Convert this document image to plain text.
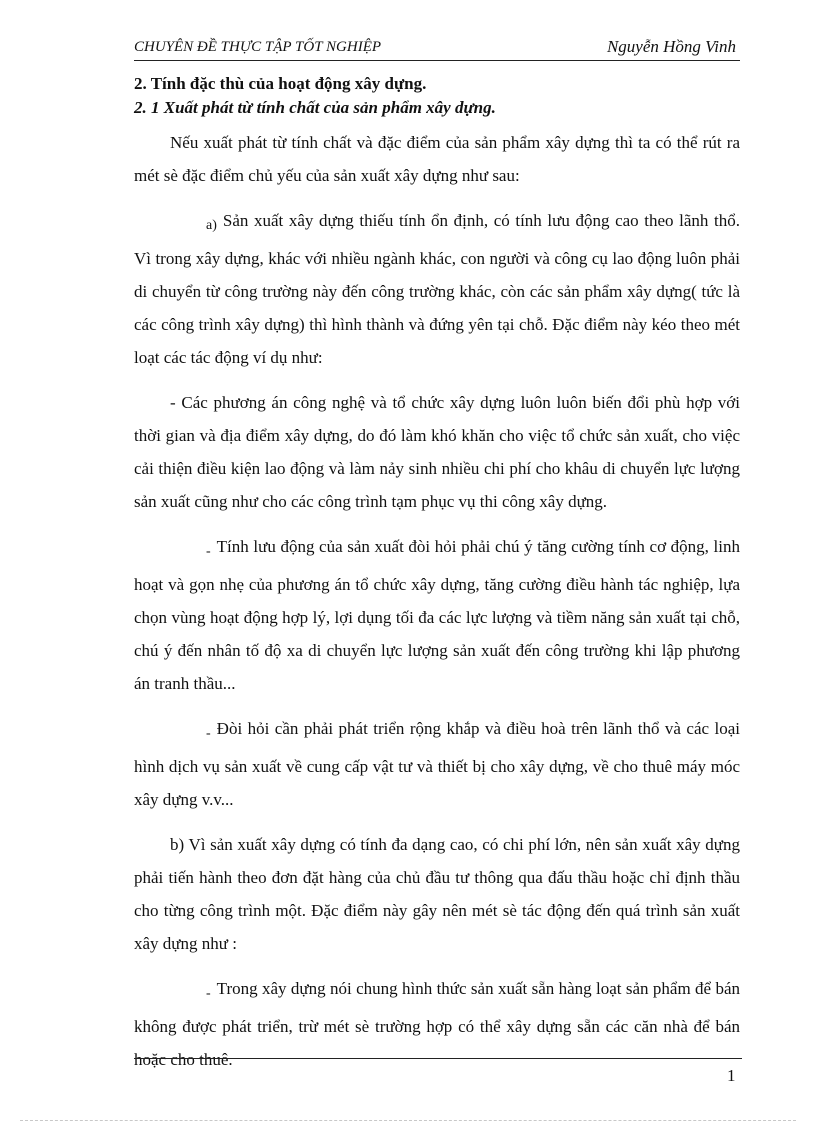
CHUYÊN ĐỀ THỰC TẬP TỐT NGHIỆP	Nguyễn Hồng Vinh

2. Tính đặc thù của hoạt động xây dựng.

2. 1 Xuất phát từ tính chất của sản phẩm xây dựng.

Nếu xuất phát từ tính chất và đặc điểm của sản phẩm xây dựng thì ta có thể rút ra mét sè đặc điểm chủ yếu của sản xuất xây dựng như sau:

a) Sản xuất xây dựng thiếu tính ổn định, có tính lưu động cao theo lãnh thổ. Vì trong xây dựng, khác với nhiều ngành khác, con người và công cụ lao động luôn phải di chuyển từ công trường này đến công trường khác, còn các sản phẩm xây dựng( tức là các công trình xây dựng) thì hình thành và đứng yên tại chỗ. Đặc điểm này kéo theo mét loạt các tác động ví dụ như:

- Các phương án công nghệ và tổ chức xây dựng luôn luôn biến đổi phù hợp với thời gian và địa điểm xây dựng, do đó làm khó khăn cho việc tổ chức sản xuất, cho việc cải thiện điều kiện lao động và làm nảy sinh nhiều chi phí cho khâu di chuyển lực lượng sản xuất cũng như cho các công trình tạm phục vụ thi công xây dựng.

- Tính lưu động của sản xuất đòi hỏi phải chú ý tăng cường tính cơ động, linh hoạt và gọn nhẹ của phương án tổ chức xây dựng, tăng cường điều hành tác nghiệp, lựa chọn vùng hoạt động hợp lý, lợi dụng tối đa các lực lượng và tiềm năng sản xuất tại chỗ, chú ý đến nhân tố độ xa di chuyển lực lượng sản xuất đến công trường khi lập phương án tranh thầu...

- Đòi hỏi cần phải phát triển rộng khắp và điều hoà trên lãnh thổ và các loại hình dịch vụ sản xuất về cung cấp vật tư và thiết bị cho xây dựng, về cho thuê máy móc xây dựng v.v...

b) Vì sản xuất xây dựng có tính đa dạng cao, có chi phí lớn, nên sản xuất xây dựng phải tiến hành theo đơn đặt hàng của chủ đầu tư thông qua đấu thầu hoặc chỉ định thầu cho từng công trình một. Đặc điểm này gây nên mét sè tác động đến quá trình sản xuất xây dựng như :

- Trong xây dựng nói chung hình thức sản xuất sẵn hàng loạt sản phẩm để bán không được phát triển, trừ mét sè trường hợp có thể xây dựng sẵn các căn nhà để bán hoặc cho thuê.

1
